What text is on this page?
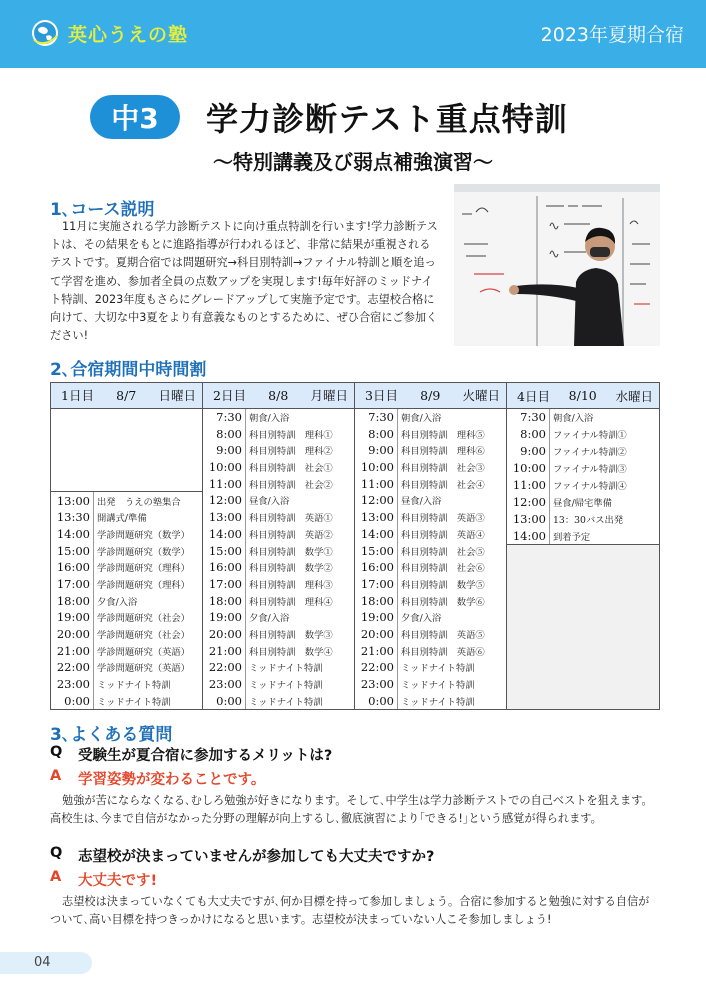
英心うえの塾	2023年夏期合宿
中3	学力診断テスト重点特訓
〜特別講義及び弱点補強演習〜
1､コース説明
11月に実施される学力診断テストに向け重点特訓を行います!学力診断テストは、その結果をもとに進路指導が行われるほど、非常に結果が重視されるテストです。夏期合宿では問題研究→科目別特訓→ファイナル特訓と順を追って学習を進め、参加者全員の点数アップを実現します!毎年好評のミッドナイト特訓、2023年度もさらにグレードアップして実施予定です。志望校合格に向けて、大切な中3夏をより有意義なものとするために、ぜひ合宿にご参加ください!
2､合宿期間中時間割
1日目 8/7 日曜日
13:00 出発　うえの塾集合
13:30 開講式/準備
14:00 学診問題研究（数学）
15:00 学診問題研究（数学）
16:00 学診問題研究（理科）
17:00 学診問題研究（理科）
18:00 夕食/入浴
19:00 学診問題研究（社会）
20:00 学診問題研究（社会）
21:00 学診問題研究（英語）
22:00 学診問題研究（英語）
23:00 ミッドナイト特訓
0:00 ミッドナイト特訓
2日目 8/8 月曜日
7:30 朝食/入浴
8:00 科目別特訓　理科①
9:00 科目別特訓　理科②
10:00 科目別特訓　社会①
11:00 科目別特訓　社会②
12:00 昼食/入浴
13:00 科目別特訓　英語①
14:00 科目別特訓　英語②
15:00 科目別特訓　数学①
16:00 科目別特訓　数学②
17:00 科目別特訓　理科③
18:00 科目別特訓　理科④
19:00 夕食/入浴
20:00 科目別特訓　数学③
21:00 科目別特訓　数学④
22:00 ミッドナイト特訓
23:00 ミッドナイト特訓
0:00 ミッドナイト特訓
3日目 8/9 火曜日
7:30 朝食/入浴
8:00 科目別特訓　理科⑤
9:00 科目別特訓　理科⑥
10:00 科目別特訓　社会③
11:00 科目別特訓　社会④
12:00 昼食/入浴
13:00 科目別特訓　英語③
14:00 科目別特訓　英語④
15:00 科目別特訓　社会⑤
16:00 科目別特訓　社会⑥
17:00 科目別特訓　数学⑤
18:00 科目別特訓　数学⑥
19:00 夕食/入浴
20:00 科目別特訓　英語⑤
21:00 科目別特訓　英語⑥
22:00 ミッドナイト特訓
23:00 ミッドナイト特訓
0:00 ミッドナイト特訓
4日目 8/10 水曜日
7:30 朝食/入浴
8:00 ファイナル特訓①
9:00 ファイナル特訓②
10:00 ファイナル特訓③
11:00 ファイナル特訓④
12:00 昼食/帰宅準備
13:00 13：30バス出発
14:00 到着予定
3､よくある質問
Q	受験生が夏合宿に参加するメリットは?
A	学習姿勢が変わることです。
勉強が苦にならなくなる､むしろ勉強が好きになります。そして､中学生は学力診断テストでの自己ベストを狙えます。高校生は､今まで自信がなかった分野の理解が向上するし､徹底演習により｢できる!｣という感覚が得られます。
Q	志望校が決まっていませんが参加しても大丈夫ですか?
A	大丈夫です!
志望校は決まっていなくても大丈夫ですが､何か目標を持って参加しましょう。合宿に参加すると勉強に対する自信がついて､高い目標を持つきっかけになると思います。志望校が決まっていない人こそ参加しましょう!
04
